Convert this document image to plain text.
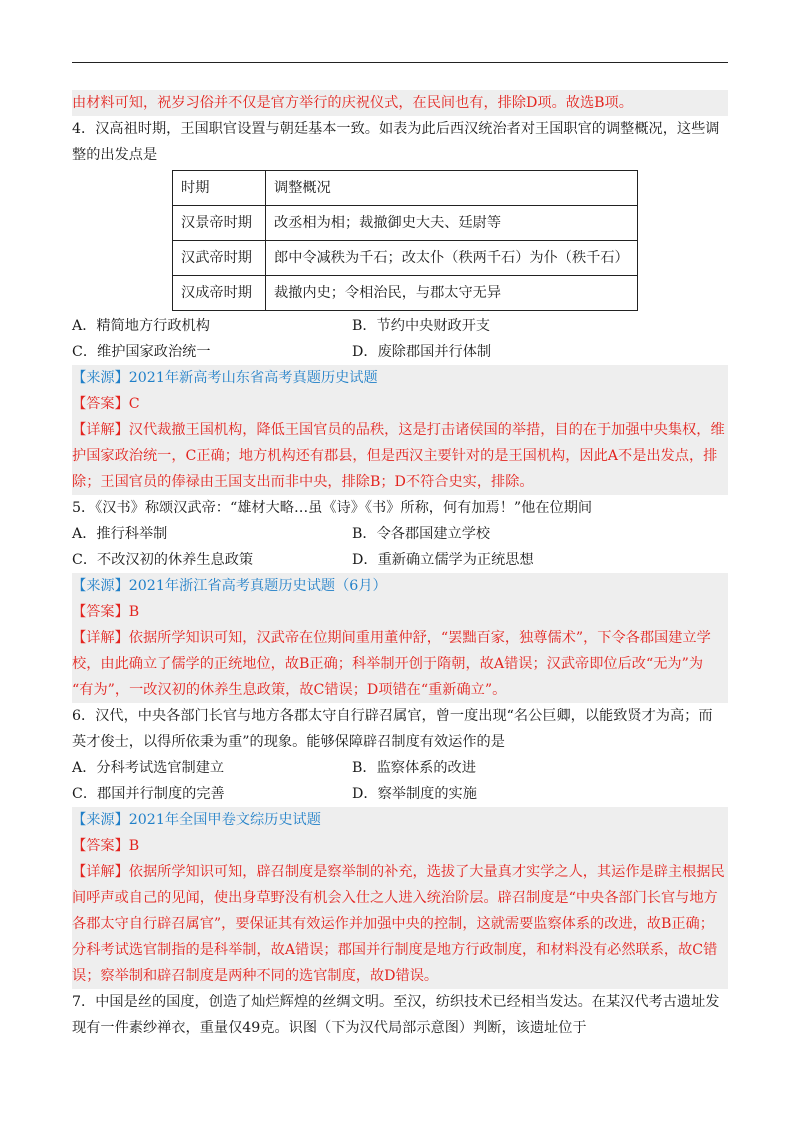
由材料可知，祝岁习俗并不仅是官方举行的庆祝仪式，在民间也有，排除D项。故选B项。
4．汉高祖时期，王国职官设置与朝廷基本一致。如表为此后西汉统治者对王国职官的调整概况，这些调
整的出发点是
时期	调整概况
汉景帝时期	改丞相为相；裁撤御史大夫、廷尉等
汉武帝时期	郎中令减秩为千石；改太仆（秩两千石）为仆（秩千石）
汉成帝时期	裁撤内史；令相治民，与郡太守无异
A．精简地方行政机构	B．节约中央财政开支
C．维护国家政治统一	D．废除郡国并行体制
【来源】2021年新高考山东省高考真题历史试题
【答案】C
【详解】汉代裁撤王国机构，降低王国官员的品秩，这是打击诸侯国的举措，目的在于加强中央集权，维
护国家政治统一，C正确；地方机构还有郡县，但是西汉主要针对的是王国机构，因此A不是出发点，排
除；王国官员的俸禄由王国支出而非中央，排除B；D不符合史实，排除。
5．《汉书》称颂汉武帝：“雄材大略…虽《诗》《书》所称，何有加焉！”他在位期间
A．推行科举制	B．令各郡国建立学校
C．不改汉初的休养生息政策	D．重新确立儒学为正统思想
【来源】2021年浙江省高考真题历史试题（6月）
【答案】B
【详解】依据所学知识可知，汉武帝在位期间重用董仲舒，“罢黜百家，独尊儒术”，下令各郡国建立学
校，由此确立了儒学的正统地位，故B正确；科举制开创于隋朝，故A错误；汉武帝即位后改“无为”为
“有为”，一改汉初的休养生息政策，故C错误；D项错在“重新确立”。
6．汉代，中央各部门长官与地方各郡太守自行辟召属官，曾一度出现“名公巨卿，以能致贤才为高；而
英才俊士，以得所依秉为重”的现象。能够保障辟召制度有效运作的是
A．分科考试选官制建立	B．监察体系的改进
C．郡国并行制度的完善	D．察举制度的实施
【来源】2021年全国甲卷文综历史试题
【答案】B
【详解】依据所学知识可知，辟召制度是察举制的补充，选拔了大量真才实学之人，其运作是辟主根据民
间呼声或自己的见闻，使出身草野没有机会入仕之人进入统治阶层。辟召制度是“中央各部门长官与地方
各郡太守自行辟召属官”，要保证其有效运作并加强中央的控制，这就需要监察体系的改进，故B正确；
分科考试选官制指的是科举制，故A错误；郡国并行制度是地方行政制度，和材料没有必然联系，故C错
误；察举制和辟召制度是两种不同的选官制度，故D错误。
7．中国是丝的国度，创造了灿烂辉煌的丝绸文明。至汉，纺织技术已经相当发达。在某汉代考古遗址发
现有一件素纱禅衣，重量仅49克。识图（下为汉代局部示意图）判断，该遗址位于
